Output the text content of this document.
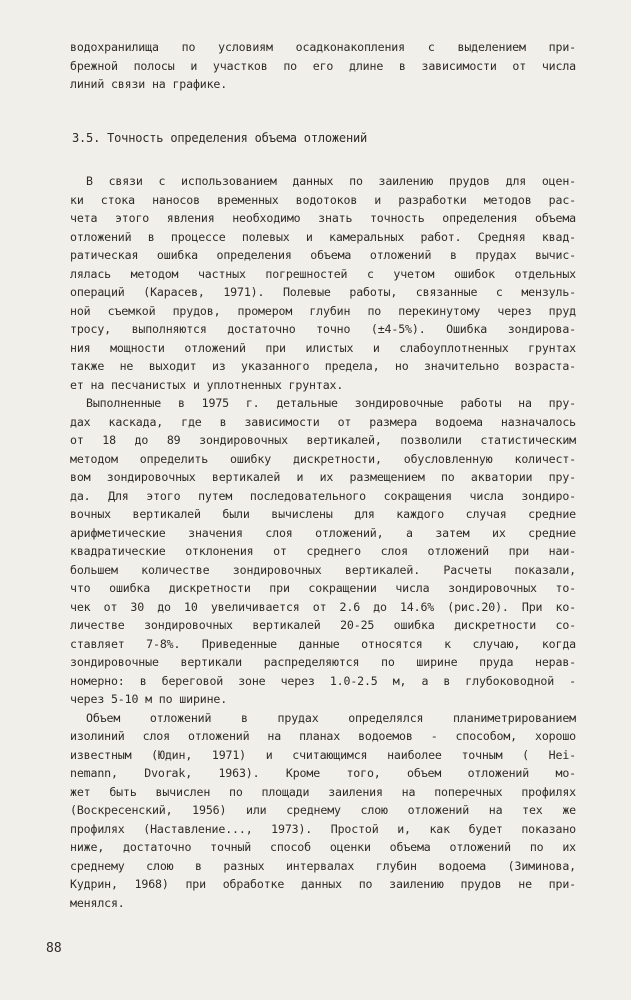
водохранилища по условиям осадконакопления с выделением при-
брежной полосы и участков по его длине в зависимости от числа
линий связи на графике.
3.5. Точность определения объема отложений
В связи с использованием данных по заилению прудов для оцен-
ки стока наносов временных водотоков и разработки методов рас-
чета этого явления необходимо знать точность определения объема
отложений в процессе полевых и камеральных работ. Средняя квад-
ратическая ошибка определения объема отложений в прудах вычис-
лялась методом частных погрешностей с учетом ошибок отдельных
операций (Карасев, 1971). Полевые работы, связанные с мензуль-
ной съемкой прудов, промером глубин по перекинутому через пруд
тросу, выполняются достаточно точно (±4-5%). Ошибка зондирова-
ния мощности отложений при илистых и слабоуплотненных грунтах
также не выходит из указанного предела, но значительно возраста-
ет на песчанистых и уплотненных грунтах.
Выполненные в 1975 г. детальные зондировочные работы на пру-
дах каскада, где в зависимости от размера водоема назначалось
от 18 до 89 зондировочных вертикалей, позволили статистическим
методом определить ошибку дискретности, обусловленную количест-
вом зондировочных вертикалей и их размещением по акватории пру-
да. Для этого путем последовательного сокращения числа зондиро-
вочных вертикалей были вычислены для каждого случая средние
арифметические значения слоя отложений, а затем их средние
квадратические отклонения от среднего слоя отложений при наи-
большем количестве зондировочных вертикалей. Расчеты показали,
что ошибка дискретности при сокращении числа зондировочных то-
чек от 30 до 10 увеличивается от 2.6 до 14.6% (рис.20). При ко-
личестве зондировочных вертикалей 20-25 ошибка дискретности со-
ставляет 7-8%. Приведенные данные относятся к случаю, когда
зондировочные вертикали распределяются по ширине пруда нерав-
номерно: в береговой зоне через 1.0-2.5 м, а в глубоководной -
через 5-10 м по ширине.
Объем отложений в прудах определялся планиметрированием
изолиний слоя отложений на планах водоемов - способом, хорошо
известным (Юдин, 1971) и считающимся наиболее точным ( Hei-
nemann, Dvorak, 1963). Кроме того, объем отложений мо-
жет быть вычислен по площади заиления на поперечных профилях
(Воскресенский, 1956) или среднему слою отложений на тех же
профилях (Наставление..., 1973). Простой и, как будет показано
ниже, достаточно точный способ оценки объема отложений по их
среднему слою в разных интервалах глубин водоема (Зиминова,
Кудрин, 1968) при обработке данных по заилению прудов не при-
менялся.
88
